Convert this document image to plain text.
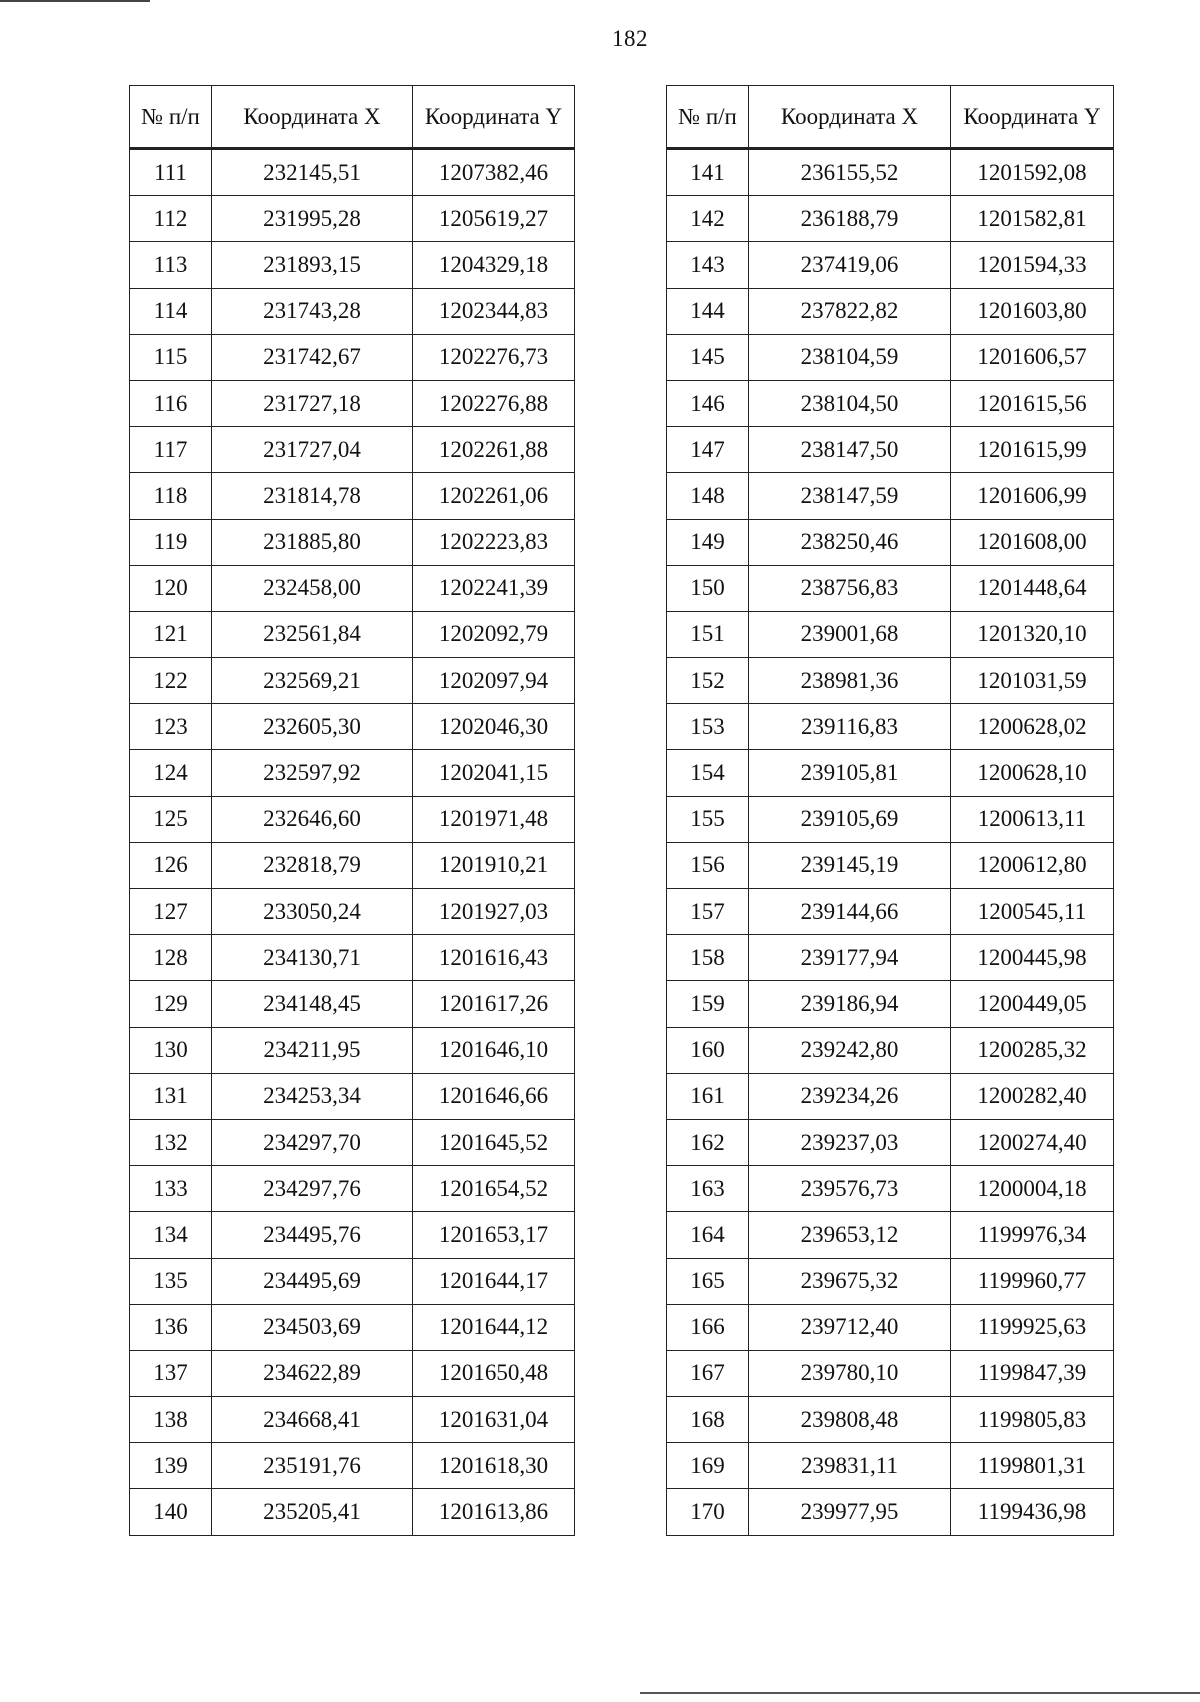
182
№ п/п	Координата X	Координата Y
111	232145,51	1207382,46
112	231995,28	1205619,27
113	231893,15	1204329,18
114	231743,28	1202344,83
115	231742,67	1202276,73
116	231727,18	1202276,88
117	231727,04	1202261,88
118	231814,78	1202261,06
119	231885,80	1202223,83
120	232458,00	1202241,39
121	232561,84	1202092,79
122	232569,21	1202097,94
123	232605,30	1202046,30
124	232597,92	1202041,15
125	232646,60	1201971,48
126	232818,79	1201910,21
127	233050,24	1201927,03
128	234130,71	1201616,43
129	234148,45	1201617,26
130	234211,95	1201646,10
131	234253,34	1201646,66
132	234297,70	1201645,52
133	234297,76	1201654,52
134	234495,76	1201653,17
135	234495,69	1201644,17
136	234503,69	1201644,12
137	234622,89	1201650,48
138	234668,41	1201631,04
139	235191,76	1201618,30
140	235205,41	1201613,86
№ п/п	Координата X	Координата Y
141	236155,52	1201592,08
142	236188,79	1201582,81
143	237419,06	1201594,33
144	237822,82	1201603,80
145	238104,59	1201606,57
146	238104,50	1201615,56
147	238147,50	1201615,99
148	238147,59	1201606,99
149	238250,46	1201608,00
150	238756,83	1201448,64
151	239001,68	1201320,10
152	238981,36	1201031,59
153	239116,83	1200628,02
154	239105,81	1200628,10
155	239105,69	1200613,11
156	239145,19	1200612,80
157	239144,66	1200545,11
158	239177,94	1200445,98
159	239186,94	1200449,05
160	239242,80	1200285,32
161	239234,26	1200282,40
162	239237,03	1200274,40
163	239576,73	1200004,18
164	239653,12	1199976,34
165	239675,32	1199960,77
166	239712,40	1199925,63
167	239780,10	1199847,39
168	239808,48	1199805,83
169	239831,11	1199801,31
170	239977,95	1199436,98
